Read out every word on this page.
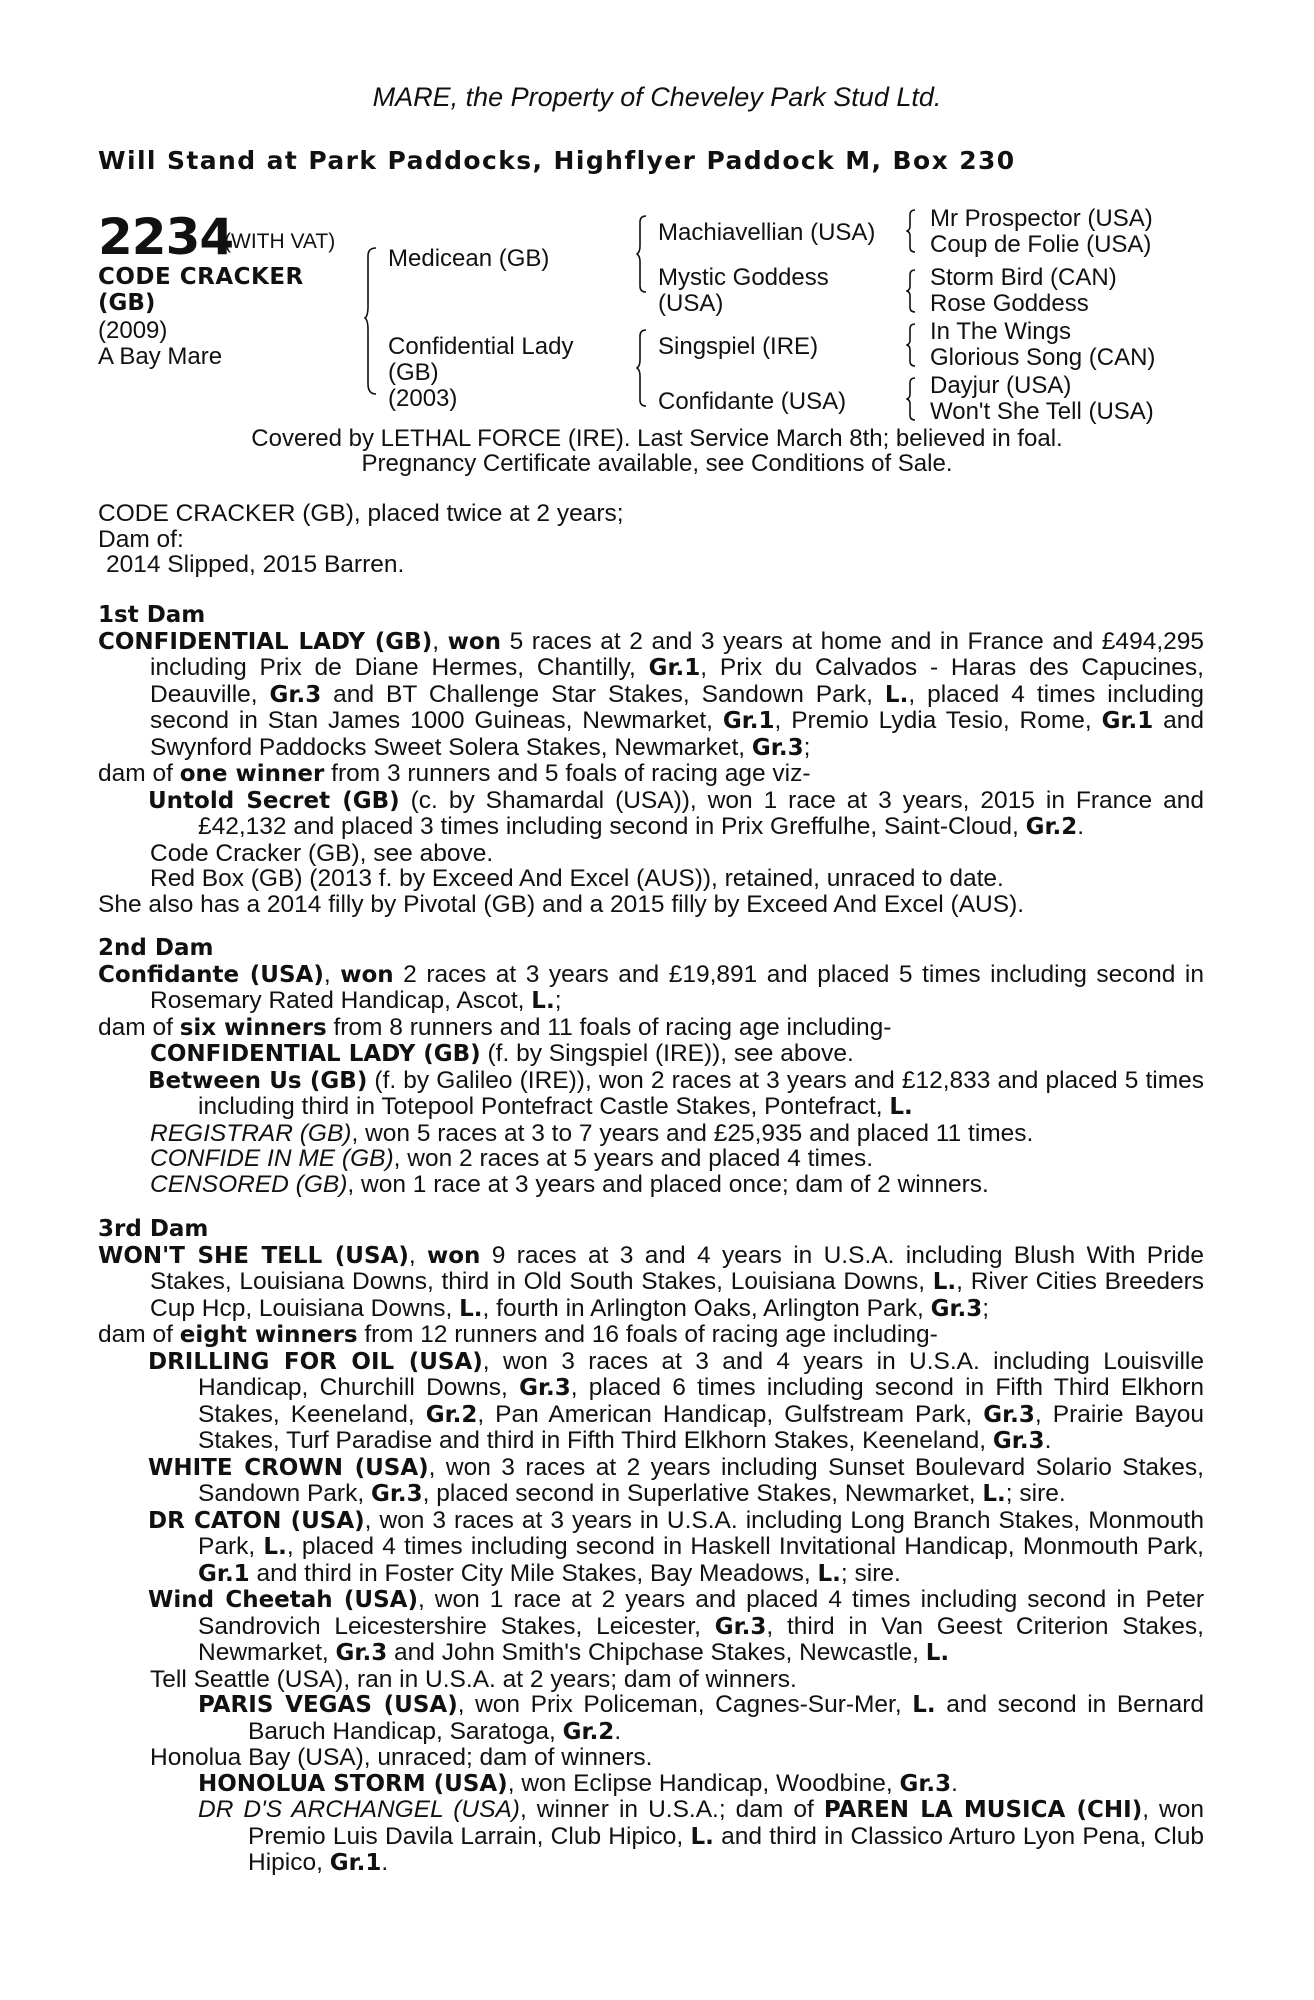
MARE, the Property of Cheveley Park Stud Ltd.
Will Stand at Park Paddocks, Highflyer Paddock M, Box 230
2234
(WITH VAT)
CODE CRACKER
(GB)
(2009)
A Bay Mare
Medicean (GB)
Confidential Lady
(GB)
(2003)
Machiavellian (USA)
Mystic Goddess
(USA)
Singspiel (IRE)
Confidante (USA)
Mr Prospector (USA)
Coup de Folie (USA)
Storm Bird (CAN)
Rose Goddess
In The Wings
Glorious Song (CAN)
Dayjur (USA)
Won't She Tell (USA)
Covered by LETHAL FORCE (IRE). Last Service March 8th; believed in foal.
Pregnancy Certificate available, see Conditions of Sale.

CODE CRACKER (GB), placed twice at 2 years;

Dam of:

2014 Slipped, 2015 Barren.

1st Dam

CONFIDENTIAL LADY (GB), won 5 races at 2 and 3 years at home and in France and £494,295 including Prix de Diane Hermes, Chantilly, Gr.1, Prix du Calvados - Haras des Capucines, Deauville, Gr.3 and BT Challenge Star Stakes, Sandown Park, L., placed 4 times including second in Stan James 1000 Guineas, Newmarket, Gr.1, Premio Lydia Tesio, Rome, Gr.1 and Swynford Paddocks Sweet Solera Stakes, Newmarket, Gr.3;

dam of one winner from 3 runners and 5 foals of racing age viz-

Untold Secret (GB) (c. by Shamardal (USA)), won 1 race at 3 years, 2015 in France and £42,132 and placed 3 times including second in Prix Greffulhe, Saint-Cloud, Gr.2.

Code Cracker (GB), see above.

Red Box (GB) (2013 f. by Exceed And Excel (AUS)), retained, unraced to date.

She also has a 2014 filly by Pivotal (GB) and a 2015 filly by Exceed And Excel (AUS).

2nd Dam

Confidante (USA), won 2 races at 3 years and £19,891 and placed 5 times including second in Rosemary Rated Handicap, Ascot, L.;

dam of six winners from 8 runners and 11 foals of racing age including-

CONFIDENTIAL LADY (GB) (f. by Singspiel (IRE)), see above.

Between Us (GB) (f. by Galileo (IRE)), won 2 races at 3 years and £12,833 and placed 5 times including third in Totepool Pontefract Castle Stakes, Pontefract, L.

REGISTRAR (GB), won 5 races at 3 to 7 years and £25,935 and placed 11 times.

CONFIDE IN ME (GB), won 2 races at 5 years and placed 4 times.

CENSORED (GB), won 1 race at 3 years and placed once; dam of 2 winners.

3rd Dam

WON'T SHE TELL (USA), won 9 races at 3 and 4 years in U.S.A. including Blush With Pride Stakes, Louisiana Downs, third in Old South Stakes, Louisiana Downs, L., River Cities Breeders Cup Hcp, Louisiana Downs, L., fourth in Arlington Oaks, Arlington Park, Gr.3;

dam of eight winners from 12 runners and 16 foals of racing age including-

DRILLING FOR OIL (USA), won 3 races at 3 and 4 years in U.S.A. including Louisville Handicap, Churchill Downs, Gr.3, placed 6 times including second in Fifth Third Elkhorn Stakes, Keeneland, Gr.2, Pan American Handicap, Gulfstream Park, Gr.3, Prairie Bayou Stakes, Turf Paradise and third in Fifth Third Elkhorn Stakes, Keeneland, Gr.3.

WHITE CROWN (USA), won 3 races at 2 years including Sunset Boulevard Solario Stakes, Sandown Park, Gr.3, placed second in Superlative Stakes, Newmarket, L.; sire.

DR CATON (USA), won 3 races at 3 years in U.S.A. including Long Branch Stakes, Monmouth Park, L., placed 4 times including second in Haskell Invitational Handicap, Monmouth Park, Gr.1 and third in Foster City Mile Stakes, Bay Meadows, L.; sire.

Wind Cheetah (USA), won 1 race at 2 years and placed 4 times including second in Peter Sandrovich Leicestershire Stakes, Leicester, Gr.3, third in Van Geest Criterion Stakes, Newmarket, Gr.3 and John Smith's Chipchase Stakes, Newcastle, L.

Tell Seattle (USA), ran in U.S.A. at 2 years; dam of winners.

PARIS VEGAS (USA), won Prix Policeman, Cagnes-Sur-Mer, L. and second in Bernard Baruch Handicap, Saratoga, Gr.2.

Honolua Bay (USA), unraced; dam of winners.

HONOLUA STORM (USA), won Eclipse Handicap, Woodbine, Gr.3.

DR D'S ARCHANGEL (USA), winner in U.S.A.; dam of PAREN LA MUSICA (CHI), won Premio Luis Davila Larrain, Club Hipico, L. and third in Classico Arturo Lyon Pena, Club Hipico, Gr.1.
